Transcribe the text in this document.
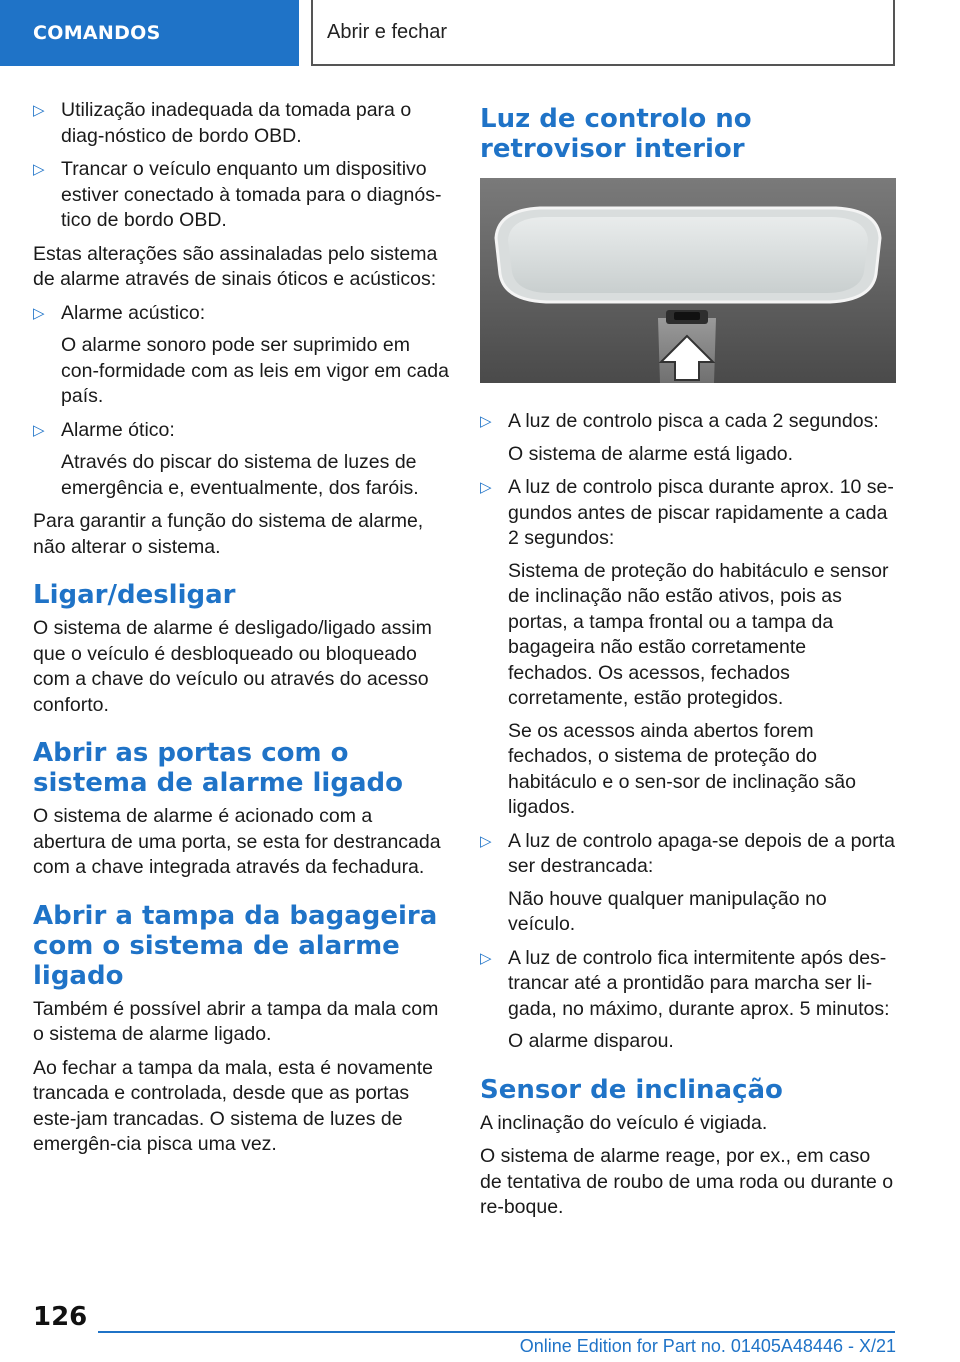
COMANDOS	Abrir e fechar
▷ Utilização inadequada da tomada para o diag‐nóstico de bordo OBD.
▷ Trancar o veículo enquanto um dispositivo estiver conectado à tomada para o diagnós‐tico de bordo OBD.

Estas alterações são assinaladas pelo sistema de alarme através de sinais óticos e acústicos:

▷ Alarme acústico:
O alarme sonoro pode ser suprimido em con‐formidade com as leis em vigor em cada país.
▷ Alarme ótico:
Através do piscar do sistema de luzes de emergência e, eventualmente, dos faróis.

Para garantir a função do sistema de alarme, não alterar o sistema.

Ligar/desligar

O sistema de alarme é desligado/ligado assim que o veículo é desbloqueado ou bloqueado com a chave do veículo ou através do acesso conforto.

Abrir as portas com o sistema de alarme ligado

O sistema de alarme é acionado com a abertura de uma porta, se esta for destrancada com a chave integrada através da fechadura.

Abrir a tampa da bagageira com o sistema de alarme ligado

Também é possível abrir a tampa da mala com o sistema de alarme ligado.

Ao fechar a tampa da mala, esta é novamente trancada e controlada, desde que as portas este‐jam trancadas. O sistema de luzes de emergên‐cia pisca uma vez.

Luz de controlo no retrovisor interior
▷ A luz de controlo pisca a cada 2 segundos:
O sistema de alarme está ligado.
▷ A luz de controlo pisca durante aprox. 10 se‐gundos antes de piscar rapidamente a cada 2 segundos:
Sistema de proteção do habitáculo e sensor de inclinação não estão ativos, pois as portas, a tampa frontal ou a tampa da bagageira não estão corretamente fechados. Os acessos, fechados corretamente, estão protegidos.
Se os acessos ainda abertos forem fechados, o sistema de proteção do habitáculo e o sen‐sor de inclinação são ligados.
▷ A luz de controlo apaga-se depois de a porta ser destrancada:
Não houve qualquer manipulação no veículo.
▷ A luz de controlo fica intermitente após des‐trancar até a prontidão para marcha ser li‐gada, no máximo, durante aprox. 5 minutos:
O alarme disparou.
Sensor de inclinação

A inclinação do veículo é vigiada.

O sistema de alarme reage, por ex., em caso de tentativa de roubo de uma roda ou durante o re‐boque.

126
Online Edition for Part no. 01405A48446 - X/21
